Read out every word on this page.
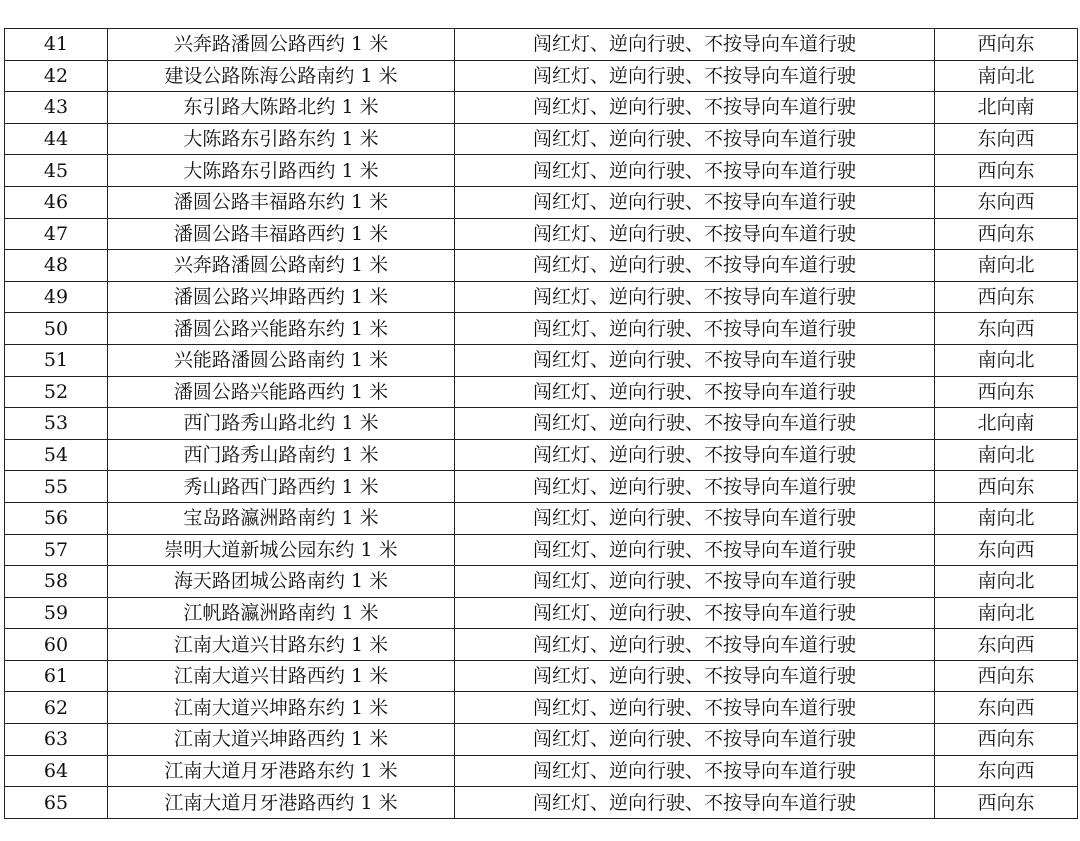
41	兴奔路潘圆公路西约 1 米	闯红灯、逆向行驶、不按导向车道行驶	西向东
42	建设公路陈海公路南约 1 米	闯红灯、逆向行驶、不按导向车道行驶	南向北
43	东引路大陈路北约 1 米	闯红灯、逆向行驶、不按导向车道行驶	北向南
44	大陈路东引路东约 1 米	闯红灯、逆向行驶、不按导向车道行驶	东向西
45	大陈路东引路西约 1 米	闯红灯、逆向行驶、不按导向车道行驶	西向东
46	潘圆公路丰福路东约 1 米	闯红灯、逆向行驶、不按导向车道行驶	东向西
47	潘圆公路丰福路西约 1 米	闯红灯、逆向行驶、不按导向车道行驶	西向东
48	兴奔路潘圆公路南约 1 米	闯红灯、逆向行驶、不按导向车道行驶	南向北
49	潘圆公路兴坤路西约 1 米	闯红灯、逆向行驶、不按导向车道行驶	西向东
50	潘圆公路兴能路东约 1 米	闯红灯、逆向行驶、不按导向车道行驶	东向西
51	兴能路潘圆公路南约 1 米	闯红灯、逆向行驶、不按导向车道行驶	南向北
52	潘圆公路兴能路西约 1 米	闯红灯、逆向行驶、不按导向车道行驶	西向东
53	西门路秀山路北约 1 米	闯红灯、逆向行驶、不按导向车道行驶	北向南
54	西门路秀山路南约 1 米	闯红灯、逆向行驶、不按导向车道行驶	南向北
55	秀山路西门路西约 1 米	闯红灯、逆向行驶、不按导向车道行驶	西向东
56	宝岛路瀛洲路南约 1 米	闯红灯、逆向行驶、不按导向车道行驶	南向北
57	崇明大道新城公园东约 1 米	闯红灯、逆向行驶、不按导向车道行驶	东向西
58	海天路团城公路南约 1 米	闯红灯、逆向行驶、不按导向车道行驶	南向北
59	江帆路瀛洲路南约 1 米	闯红灯、逆向行驶、不按导向车道行驶	南向北
60	江南大道兴甘路东约 1 米	闯红灯、逆向行驶、不按导向车道行驶	东向西
61	江南大道兴甘路西约 1 米	闯红灯、逆向行驶、不按导向车道行驶	西向东
62	江南大道兴坤路东约 1 米	闯红灯、逆向行驶、不按导向车道行驶	东向西
63	江南大道兴坤路西约 1 米	闯红灯、逆向行驶、不按导向车道行驶	西向东
64	江南大道月牙港路东约 1 米	闯红灯、逆向行驶、不按导向车道行驶	东向西
65	江南大道月牙港路西约 1 米	闯红灯、逆向行驶、不按导向车道行驶	西向东
